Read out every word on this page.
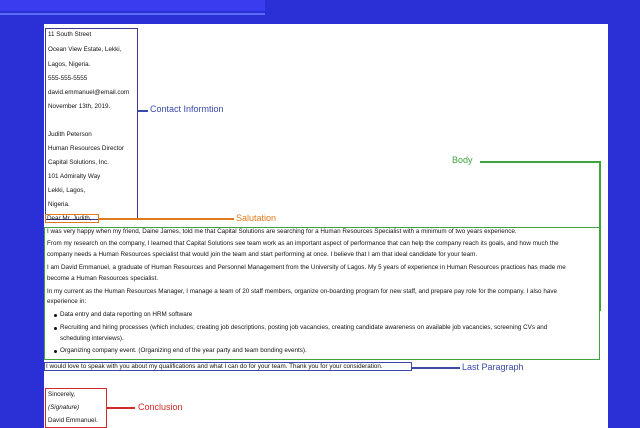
11 South Street
Ocean View Estate, Lekki,
Lagos, Nigeria.
555-555-5555
david.emmanuel@email.com
November 13th, 2019.
Judith Peterson
Human Resources Director
Capital Solutions, Inc.
101 Admiralty Way
Lekki, Lagos,
Nigeria.
Contact Informtion
Body
Dear Mr. Judith,	Salutation
I was very happy when my friend, Daine James, told me that Capital Solutions are searching for a Human Resources Specialist with a minimum of two years experience.
From my research on the company, I learned that Capital Solutions see team work as an important aspect of performance that can help the company reach its goals, and how much the
company needs a Human Resources specialist that would join the team and start performing at once. I believe that I am that ideal candidate for your team.
I am David Emmanuel, a graduate of Human Resources and Personnel Management from the University of Lagos. My 5 years of experience in Human Resources practices has made me
become a Human Resources specialist.
In my current as the Human Resources Manager, I manage a team of 20 staff members, organize on-boarding program for new staff, and prepare pay role for the company. I also have
experience in:
Data entry and data reporting on HRM software
Recruiting and hiring processes (which includes; creating job descriptions, posting job vacancies, creating candidate awareness on available job vacancies, screening CVs and
scheduling interviews).
Organizing company event. (Organizing end of the year party and team bonding events).
I would love to speak with you about my qualifications and what I can do for your team. Thank you for your consideration.	Last Paragraph
Sincerely,
(Signature)
David Emmanuel.
Conclusion
